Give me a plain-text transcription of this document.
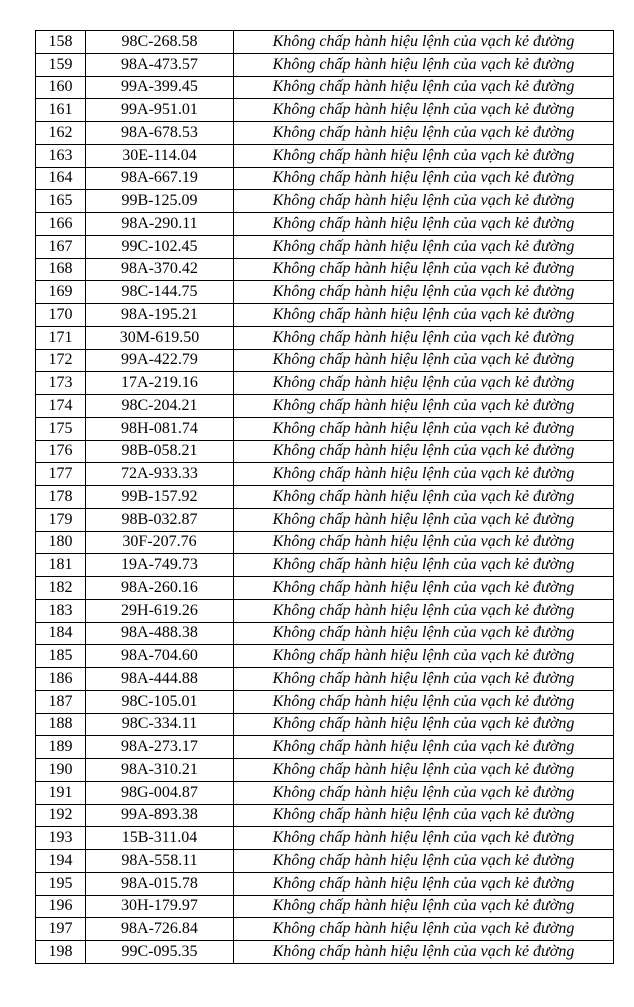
158	98C-268.58	Không chấp hành hiệu lệnh của vạch kẻ đường
159	98A-473.57	Không chấp hành hiệu lệnh của vạch kẻ đường
160	99A-399.45	Không chấp hành hiệu lệnh của vạch kẻ đường
161	99A-951.01	Không chấp hành hiệu lệnh của vạch kẻ đường
162	98A-678.53	Không chấp hành hiệu lệnh của vạch kẻ đường
163	30E-114.04	Không chấp hành hiệu lệnh của vạch kẻ đường
164	98A-667.19	Không chấp hành hiệu lệnh của vạch kẻ đường
165	99B-125.09	Không chấp hành hiệu lệnh của vạch kẻ đường
166	98A-290.11	Không chấp hành hiệu lệnh của vạch kẻ đường
167	99C-102.45	Không chấp hành hiệu lệnh của vạch kẻ đường
168	98A-370.42	Không chấp hành hiệu lệnh của vạch kẻ đường
169	98C-144.75	Không chấp hành hiệu lệnh của vạch kẻ đường
170	98A-195.21	Không chấp hành hiệu lệnh của vạch kẻ đường
171	30M-619.50	Không chấp hành hiệu lệnh của vạch kẻ đường
172	99A-422.79	Không chấp hành hiệu lệnh của vạch kẻ đường
173	17A-219.16	Không chấp hành hiệu lệnh của vạch kẻ đường
174	98C-204.21	Không chấp hành hiệu lệnh của vạch kẻ đường
175	98H-081.74	Không chấp hành hiệu lệnh của vạch kẻ đường
176	98B-058.21	Không chấp hành hiệu lệnh của vạch kẻ đường
177	72A-933.33	Không chấp hành hiệu lệnh của vạch kẻ đường
178	99B-157.92	Không chấp hành hiệu lệnh của vạch kẻ đường
179	98B-032.87	Không chấp hành hiệu lệnh của vạch kẻ đường
180	30F-207.76	Không chấp hành hiệu lệnh của vạch kẻ đường
181	19A-749.73	Không chấp hành hiệu lệnh của vạch kẻ đường
182	98A-260.16	Không chấp hành hiệu lệnh của vạch kẻ đường
183	29H-619.26	Không chấp hành hiệu lệnh của vạch kẻ đường
184	98A-488.38	Không chấp hành hiệu lệnh của vạch kẻ đường
185	98A-704.60	Không chấp hành hiệu lệnh của vạch kẻ đường
186	98A-444.88	Không chấp hành hiệu lệnh của vạch kẻ đường
187	98C-105.01	Không chấp hành hiệu lệnh của vạch kẻ đường
188	98C-334.11	Không chấp hành hiệu lệnh của vạch kẻ đường
189	98A-273.17	Không chấp hành hiệu lệnh của vạch kẻ đường
190	98A-310.21	Không chấp hành hiệu lệnh của vạch kẻ đường
191	98G-004.87	Không chấp hành hiệu lệnh của vạch kẻ đường
192	99A-893.38	Không chấp hành hiệu lệnh của vạch kẻ đường
193	15B-311.04	Không chấp hành hiệu lệnh của vạch kẻ đường
194	98A-558.11	Không chấp hành hiệu lệnh của vạch kẻ đường
195	98A-015.78	Không chấp hành hiệu lệnh của vạch kẻ đường
196	30H-179.97	Không chấp hành hiệu lệnh của vạch kẻ đường
197	98A-726.84	Không chấp hành hiệu lệnh của vạch kẻ đường
198	99C-095.35	Không chấp hành hiệu lệnh của vạch kẻ đường
